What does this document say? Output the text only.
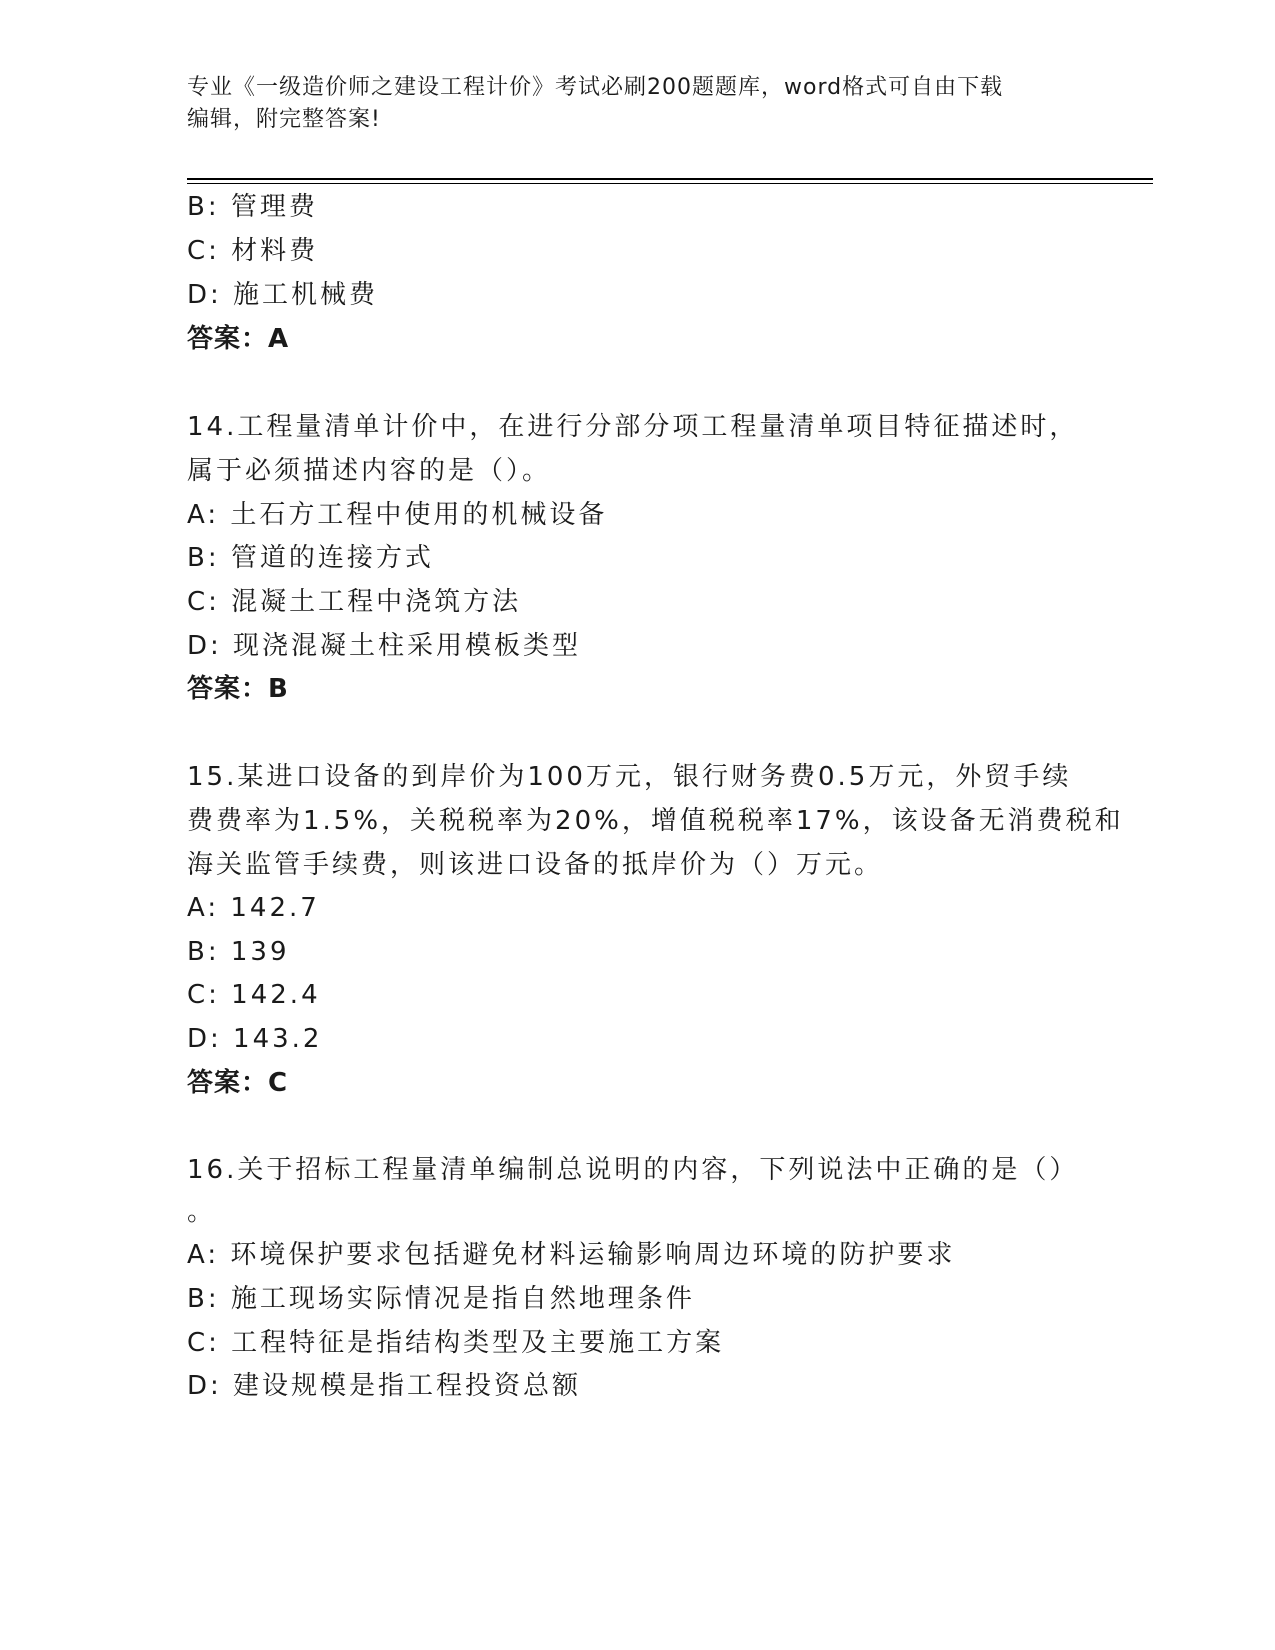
专业《一级造价师之建设工程计价》考试必刷200题题库，word格式可自由下载
编辑，附完整答案!
B: 管理费
C: 材料费
D: 施工机械费
答案：A
14.工程量清单计价中，在进行分部分项工程量清单项目特征描述时，
属于必须描述内容的是（）。
A: 土石方工程中使用的机械设备
B: 管道的连接方式
C: 混凝土工程中浇筑方法
D: 现浇混凝土柱采用模板类型
答案：B
15.某进口设备的到岸价为100万元，银行财务费0.5万元，外贸手续
费费率为1.5%，关税税率为20%，增值税税率17%，该设备无消费税和
海关监管手续费，则该进口设备的抵岸价为（）万元。
A: 142.7
B: 139
C: 142.4
D: 143.2
答案：C
16.关于招标工程量清单编制总说明的内容，下列说法中正确的是（）
。
A: 环境保护要求包括避免材料运输影响周边环境的防护要求
B: 施工现场实际情况是指自然地理条件
C: 工程特征是指结构类型及主要施工方案
D: 建设规模是指工程投资总额
